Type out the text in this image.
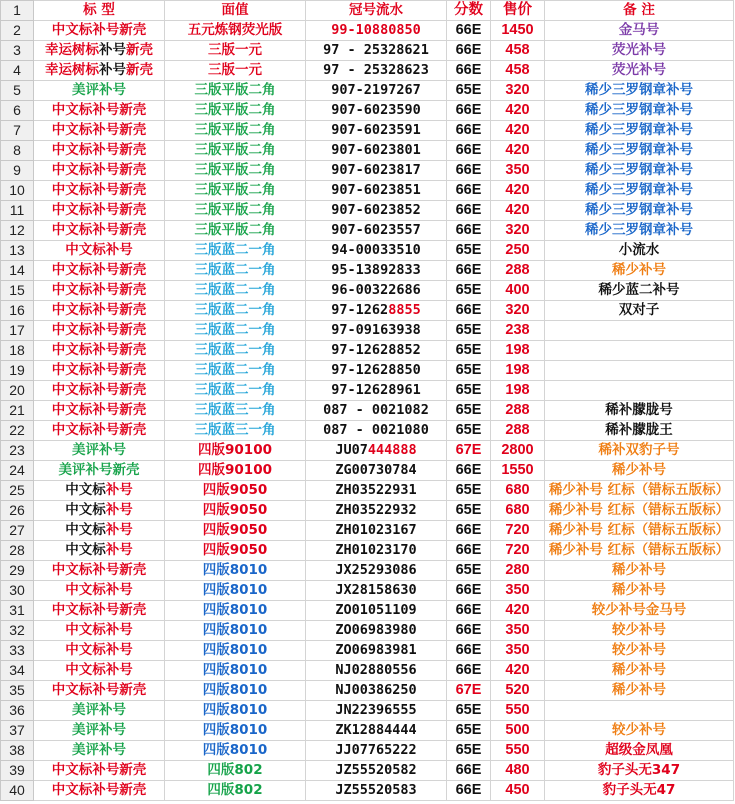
1	标 型	面值	冠号流水	分数	售价	备 注
2	中文标补号新壳	五元炼钢荧光版	99-10880850	66E	1450	金马号
3	幸运树标补号新壳	三版一元	97 - 25328621	66E	458	荧光补号
4	幸运树标补号新壳	三版一元	97 - 25328623	66E	458	荧光补号
5	美评补号	三版平版二角	907-2197267	65E	320	稀少三罗钢章补号
6	中文标补号新壳	三版平版二角	907-6023590	66E	420	稀少三罗钢章补号
7	中文标补号新壳	三版平版二角	907-6023591	66E	420	稀少三罗钢章补号
8	中文标补号新壳	三版平版二角	907-6023801	66E	420	稀少三罗钢章补号
9	中文标补号新壳	三版平版二角	907-6023817	66E	350	稀少三罗钢章补号
10	中文标补号新壳	三版平版二角	907-6023851	66E	420	稀少三罗钢章补号
11	中文标补号新壳	三版平版二角	907-6023852	66E	420	稀少三罗钢章补号
12	中文标补号新壳	三版平版二角	907-6023557	66E	320	稀少三罗钢章补号
13	中文标补号	三版蓝二一角	94-00033510	65E	250	小流水
14	中文标补号新壳	三版蓝二一角	95-13892833	66E	288	稀少补号
15	中文标补号新壳	三版蓝二一角	96-00322686	65E	400	稀少蓝二补号
16	中文标补号新壳	三版蓝二一角	97-12628855	66E	320	双对子
17	中文标补号新壳	三版蓝二一角	97-09163938	65E	238	
18	中文标补号新壳	三版蓝二一角	97-12628852	65E	198	
19	中文标补号新壳	三版蓝二一角	97-12628850	65E	198	
20	中文标补号新壳	三版蓝二一角	97-12628961	65E	198	
21	中文标补号新壳	三版蓝三一角	087 - 0021082	65E	288	稀补朦胧号
22	中文标补号新壳	三版蓝三一角	087 - 0021080	65E	288	稀补朦胧王
23	美评补号	四版90100	JU07444888	67E	2800	稀补双豹子号
24	美评补号新壳	四版90100	ZG00730784	66E	1550	稀少补号
25	中文标补号	四版9050	ZH03522931	65E	680	稀少补号 红标（错标五版标）
26	中文标补号	四版9050	ZH03522932	65E	680	稀少补号 红标（错标五版标）
27	中文标补号	四版9050	ZH01023167	66E	720	稀少补号 红标（错标五版标）
28	中文标补号	四版9050	ZH01023170	66E	720	稀少补号 红标（错标五版标）
29	中文标补号新壳	四版8010	JX25293086	65E	280	稀少补号
30	中文标补号	四版8010	JX28158630	66E	350	稀少补号
31	中文标补号新壳	四版8010	ZO01051109	66E	420	较少补号金马号
32	中文标补号	四版8010	ZO06983980	66E	350	较少补号
33	中文标补号	四版8010	ZO06983981	66E	350	较少补号
34	中文标补号	四版8010	NJ02880556	66E	420	稀少补号
35	中文标补号新壳	四版8010	NJ00386250	67E	520	稀少补号
36	美评补号	四版8010	JN22396555	65E	550	
37	美评补号	四版8010	ZK12884444	65E	500	较少补号
38	美评补号	四版8010	JJ07765222	65E	550	超级金凤凰
39	中文标补号新壳	四版802	JZ55520582	66E	480	豹子头无347
40	中文标补号新壳	四版802	JZ55520583	66E	450	豹子头无47
